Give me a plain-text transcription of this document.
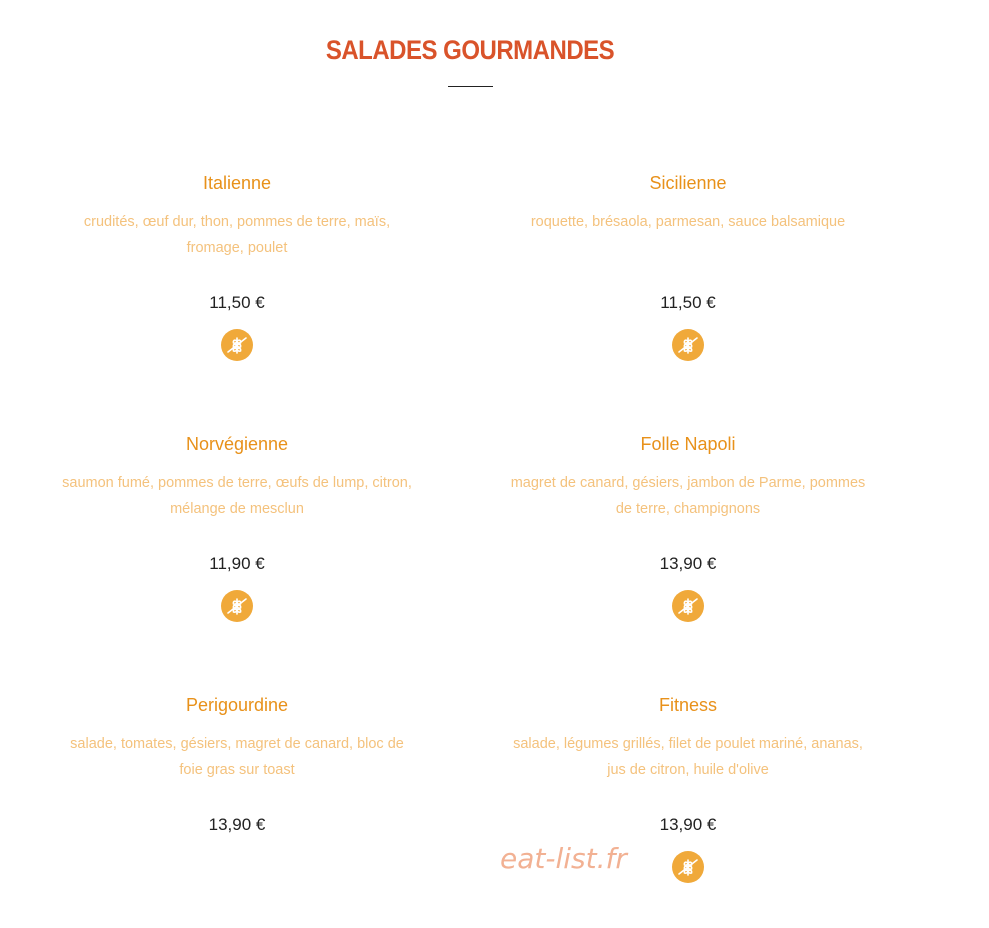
SALADES GOURMANDES
Italienne
crudités, œuf dur, thon, pommes de terre, maïs, fromage, poulet
11,50 €
Sicilienne
roquette, brésaola, parmesan, sauce balsamique
11,50 €
Norvégienne
saumon fumé, pommes de terre, œufs de lump, citron, mélange de mesclun
11,90 €
Folle Napoli
magret de canard, gésiers, jambon de Parme, pommes de terre, champignons
13,90 €
Perigourdine
salade, tomates, gésiers, magret de canard, bloc de foie gras sur toast
13,90 €
Fitness
salade, légumes grillés, filet de poulet mariné, ananas, jus de citron, huile d'olive
13,90 €
eat-list.fr
